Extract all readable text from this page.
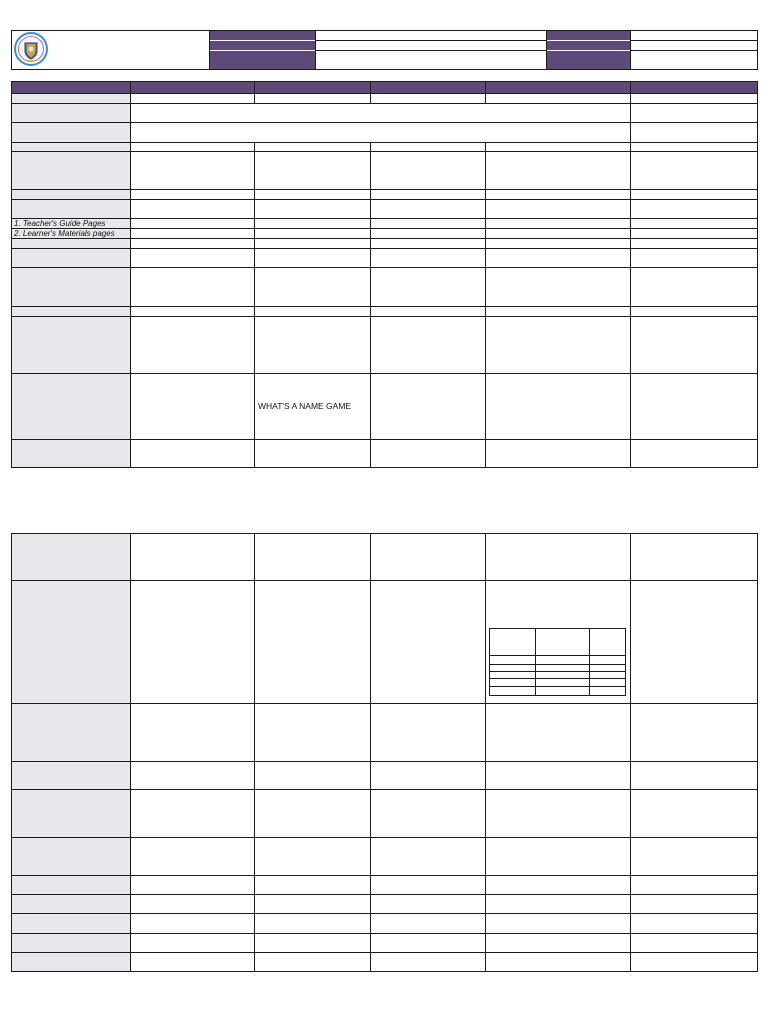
1. Teacher's Guide Pages
2. Learner's Materials pages
WHAT'S A NAME GAME
